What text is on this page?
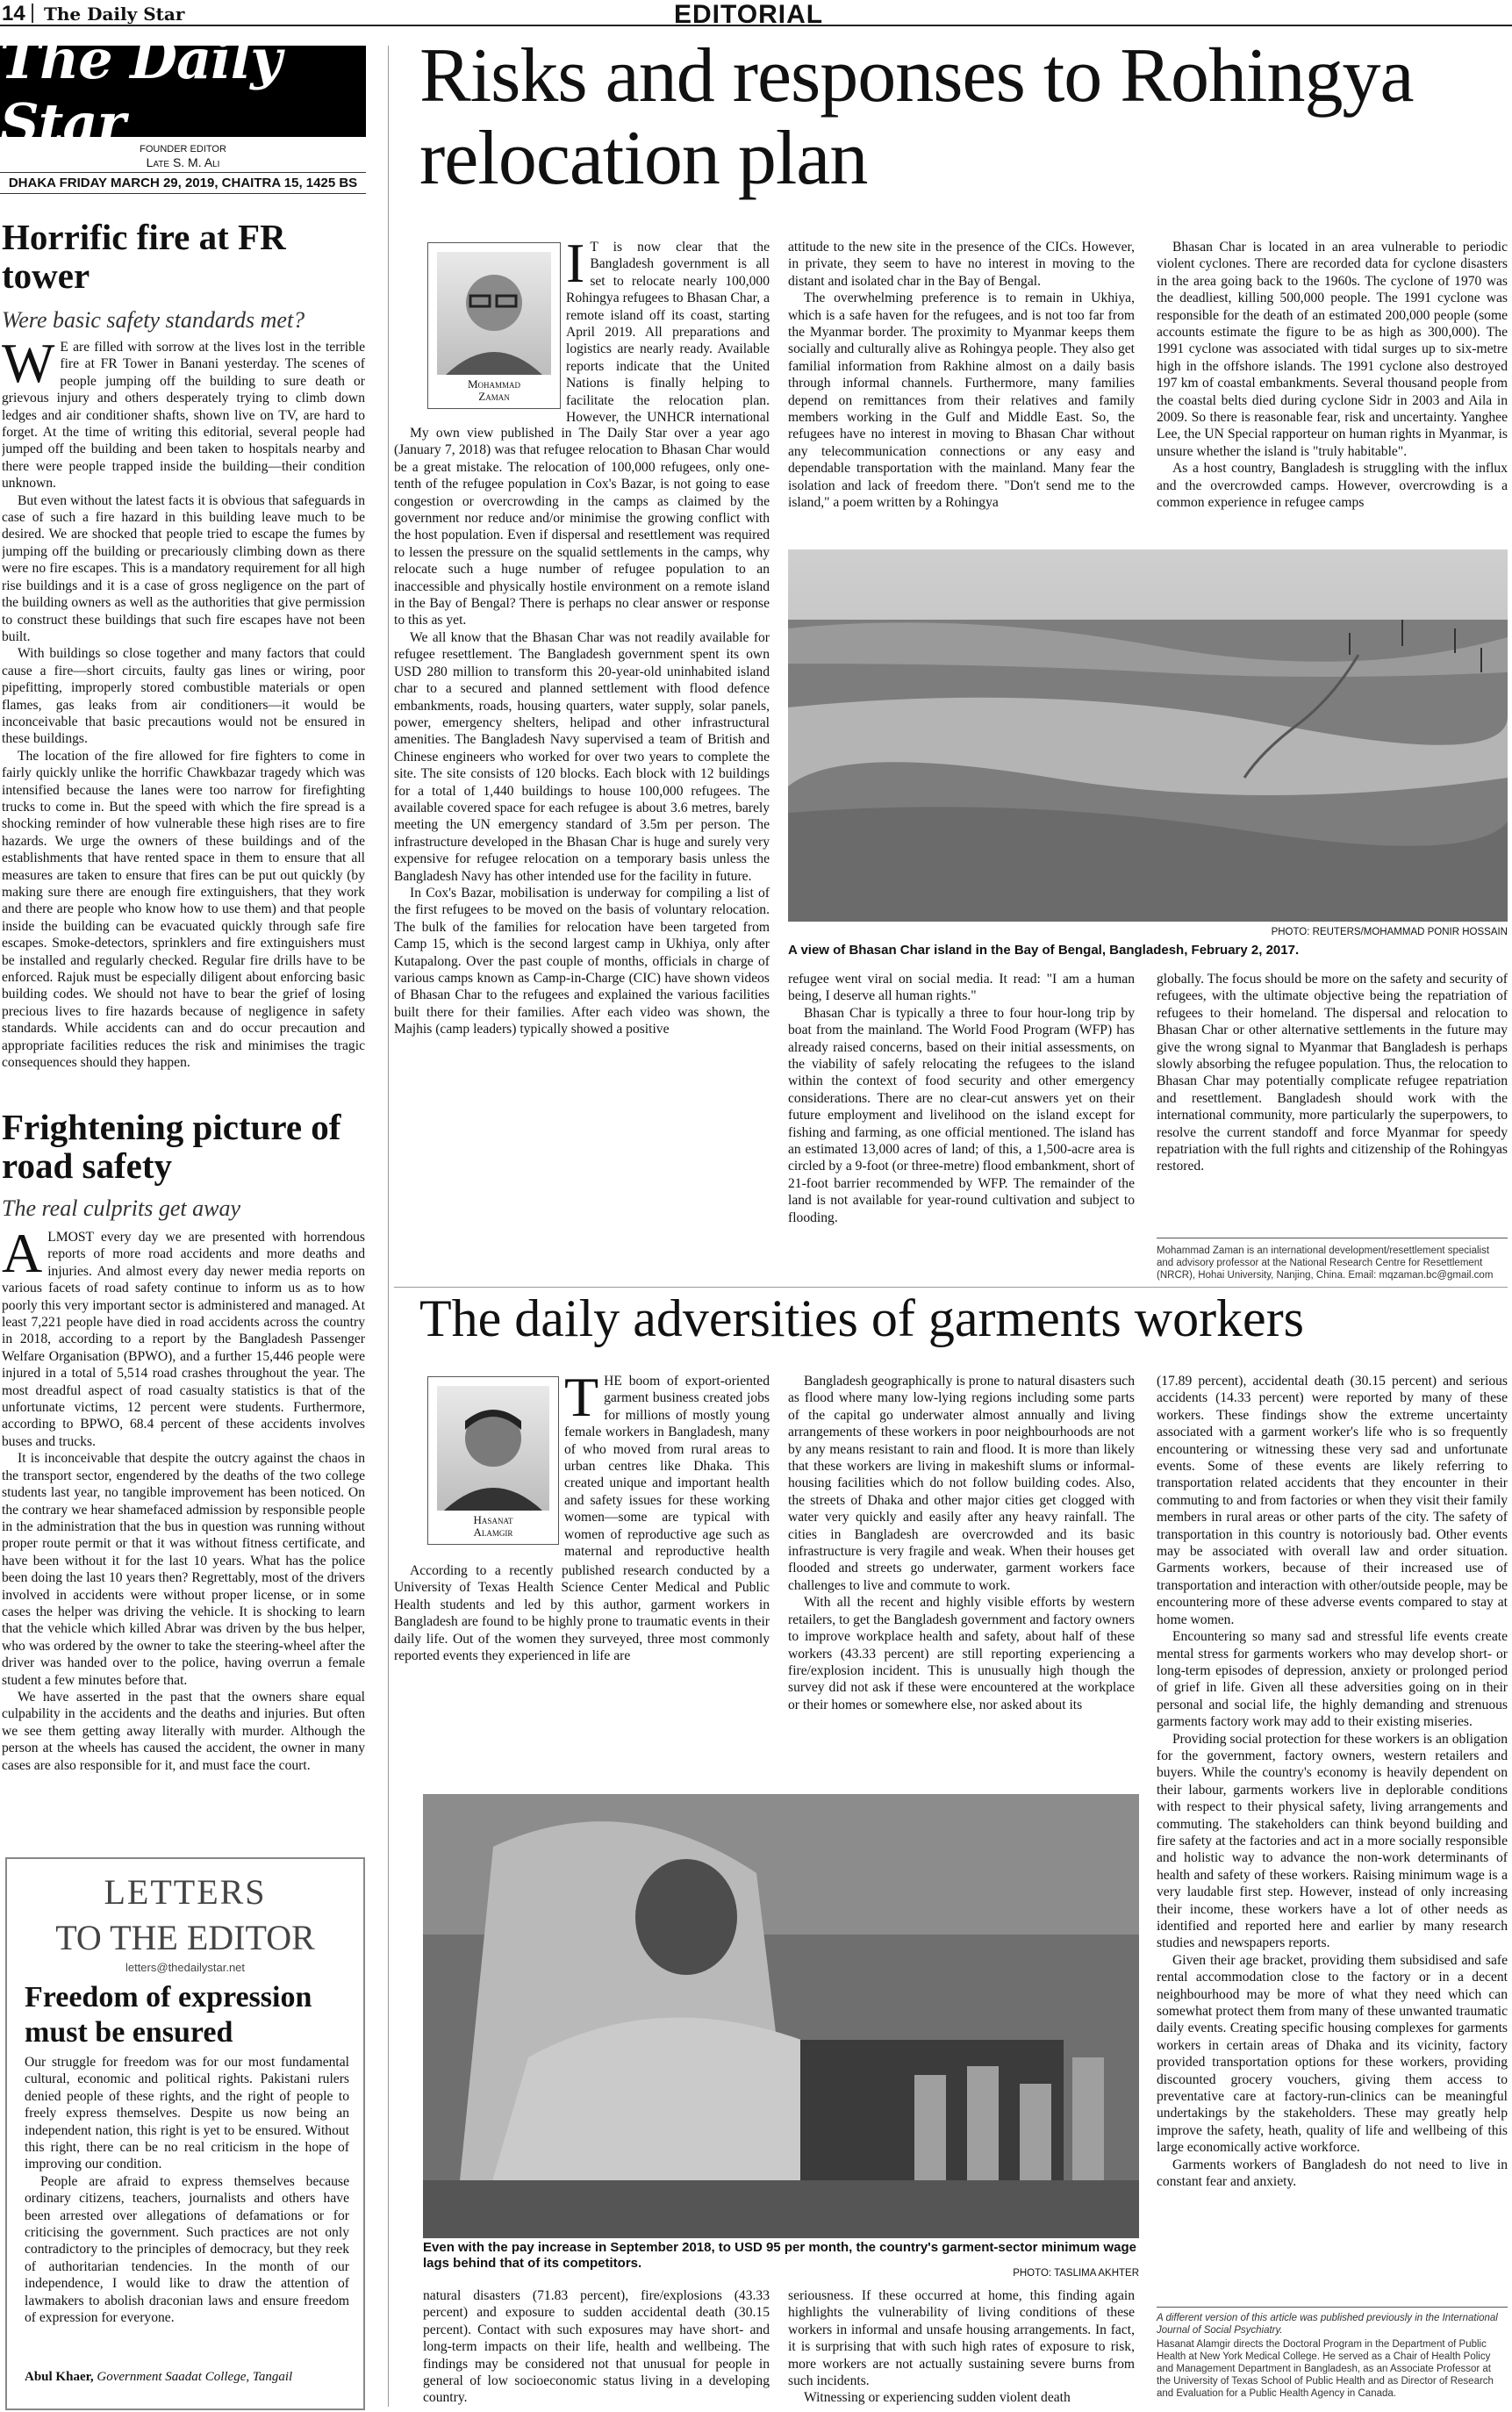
14 The Daily Star	EDITORIAL
The Daily Star	FOUNDER EDITOR
Late S. M. Ali
DHAKA FRIDAY MARCH 29, 2019, CHAITRA 15, 1425 BS
Horrific fire at FR tower
Were basic safety standards met?
W E are filled with sorrow at the lives lost in the terrible fire at FR Tower in Banani yesterday. The scenes of people jumping off the building to sure death or grievous injury and others desperately trying to climb down ledges and air conditioner shafts, shown live on TV, are hard to forget. At the time of writing this editorial, several people had jumped off the building and been taken to hospitals nearby and there were people trapped inside the building—their condition unknown.

But even without the latest facts it is obvious that safeguards in case of such a fire hazard in this building leave much to be desired. We are shocked that people tried to escape the fumes by jumping off the building or precariously climbing down as there were no fire escapes. This is a mandatory requirement for all high rise buildings and it is a case of gross negligence on the part of the building owners as well as the authorities that give permission to construct these buildings that such fire escapes have not been built.

With buildings so close together and many factors that could cause a fire—short circuits, faulty gas lines or wiring, poor pipefitting, improperly stored combustible materials or open flames, gas leaks from air conditioners—it would be inconceivable that basic precautions would not be ensured in these buildings.

The location of the fire allowed for fire fighters to come in fairly quickly unlike the horrific Chawkbazar tragedy which was intensified because the lanes were too narrow for firefighting trucks to come in. But the speed with which the fire spread is a shocking reminder of how vulnerable these high rises are to fire hazards. We urge the owners of these buildings and of the establishments that have rented space in them to ensure that all measures are taken to ensure that fires can be put out quickly (by making sure there are enough fire extinguishers, that they work and there are people who know how to use them) and that people inside the building can be evacuated quickly through safe fire escapes. Smoke-detectors, sprinklers and fire extinguishers must be installed and regularly checked. Regular fire drills have to be enforced. Rajuk must be especially diligent about enforcing basic building codes. We should not have to bear the grief of losing precious lives to fire hazards because of negligence in safety standards. While accidents can and do occur precaution and appropriate facilities reduces the risk and minimises the tragic consequences should they happen.

Frightening picture of road safety
The real culprits get away
A LMOST every day we are presented with horrendous reports of more road accidents and more deaths and injuries. And almost every day newer media reports on various facets of road safety continue to inform us as to how poorly this very important sector is administered and managed. At least 7,221 people have died in road accidents across the country in 2018, according to a report by the Bangladesh Passenger Welfare Organisation (BPWO), and a further 15,446 people were injured in a total of 5,514 road crashes throughout the year. The most dreadful aspect of road casualty statistics is that of the unfortunate victims, 12 percent were students. Furthermore, according to BPWO, 68.4 percent of these accidents involves buses and trucks.

It is inconceivable that despite the outcry against the chaos in the transport sector, engendered by the deaths of the two college students last year, no tangible improvement has been noticed. On the contrary we hear shamefaced admission by responsible people in the administration that the bus in question was running without proper route permit or that it was without fitness certificate, and have been without it for the last 10 years. What has the police been doing the last 10 years then? Regrettably, most of the drivers involved in accidents were without proper license, or in some cases the helper was driving the vehicle. It is shocking to learn that the vehicle which killed Abrar was driven by the bus helper, who was ordered by the owner to take the steering-wheel after the driver was handed over to the police, having overrun a female student a few minutes before that.

We have asserted in the past that the owners share equal culpability in the accidents and the deaths and injuries. But often we see them getting away literally with murder. Although the person at the wheels has caused the accident, the owner in many cases are also responsible for it, and must face the court.

LETTERS
TO THE EDITOR
letters@thedailystar.net
Freedom of expression must be ensured

Our struggle for freedom was for our most fundamental cultural, economic and political rights. Pakistani rulers denied people of these rights, and the right of people to freely express themselves. Despite us now being an independent nation, this right is yet to be ensured. Without this right, there can be no real criticism in the hope of improving our condition.

People are afraid to express themselves because ordinary citizens, teachers, journalists and others have been arrested over allegations of defamations or for criticising the government. Such practices are not only contradictory to the principles of democracy, but they reek of authoritarian tendencies. In the month of our independence, I would like to draw the attention of lawmakers to abolish draconian laws and ensure freedom of expression for everyone.

Abul Khaer, Government Saadat College, Tangail
Risks and responses to Rohingya relocation plan
Mohammad
Zaman
I T is now clear that the Bangladesh government is all set to relocate nearly 100,000 Rohingya refugees to Bhasan Char, a remote island off its coast, starting April 2019. All preparations and logistics are nearly ready. Available reports indicate that the United Nations is finally helping to facilitate the relocation plan. However, the UNHCR international

My own view published in The Daily Star over a year ago (January 7, 2018) was that refugee relocation to Bhasan Char would be a great mistake. The relocation of 100,000 refugees, only one-tenth of the refugee population in Cox's Bazar, is not going to ease congestion or overcrowding in the camps as claimed by the government nor reduce and/or minimise the growing conflict with the host population. Even if dispersal and resettlement was required to lessen the pressure on the squalid settlements in the camps, why relocate such a huge number of refugee population to an inaccessible and physically hostile environment on a remote island in the Bay of Bengal? There is perhaps no clear answer or response to this as yet.

We all know that the Bhasan Char was not readily available for refugee resettlement. The Bangladesh government spent its own USD 280 million to transform this 20-year-old uninhabited island char to a secured and planned settlement with flood defence embankments, roads, housing quarters, water supply, solar panels, power, emergency shelters, helipad and other infrastructural amenities. The Bangladesh Navy supervised a team of British and Chinese engineers who worked for over two years to complete the site. The site consists of 120 blocks. Each block with 12 buildings for a total of 1,440 buildings to house 100,000 refugees. The available covered space for each refugee is about 3.6 metres, barely meeting the UN emergency standard of 3.5m per person. The infrastructure developed in the Bhasan Char is huge and surely very expensive for refugee relocation on a temporary basis unless the Bangladesh Navy has other intended use for the facility in future.

In Cox's Bazar, mobilisation is underway for compiling a list of the first refugees to be moved on the basis of voluntary relocation. The bulk of the families for relocation have been targeted from Camp 15, which is the second largest camp in Ukhiya, only after Kutapalong. Over the past couple of months, officials in charge of various camps known as Camp-in-Charge (CIC) have shown videos of Bhasan Char to the refugees and explained the various facilities built there for their families. After each video was shown, the Majhis (camp leaders) typically showed a positive

attitude to the new site in the presence of the CICs. However, in private, they seem to have no interest in moving to the distant and isolated char in the Bay of Bengal.

The overwhelming preference is to remain in Ukhiya, which is a safe haven for the refugees, and is not too far from the Myanmar border. The proximity to Myanmar keeps them socially and culturally alive as Rohingya people. They also get familial information from Rakhine almost on a daily basis through informal channels. Furthermore, many families depend on remittances from their relatives and family members working in the Gulf and Middle East. So, the refugees have no interest in moving to Bhasan Char without any telecommunication connections or any easy and dependable transportation with the mainland. Many fear the isolation and lack of freedom there. "Don't send me to the island," a poem written by a Rohingya

Bhasan Char is located in an area vulnerable to periodic violent cyclones. There are recorded data for cyclone disasters in the area going back to the 1960s. The cyclone of 1970 was the deadliest, killing 500,000 people. The 1991 cyclone was responsible for the death of an estimated 200,000 people (some accounts estimate the figure to be as high as 300,000). The 1991 cyclone was associated with tidal surges up to six-metre high in the offshore islands. The 1991 cyclone also destroyed 197 km of coastal embankments. Several thousand people from the coastal belts died during cyclone Sidr in 2003 and Aila in 2009. So there is reasonable fear, risk and uncertainty. Yanghee Lee, the UN Special rapporteur on human rights in Myanmar, is unsure whether the island is "truly habitable".

As a host country, Bangladesh is struggling with the influx and the overcrowded camps. However, overcrowding is a common experience in refugee camps

PHOTO: REUTERS/MOHAMMAD PONIR HOSSAIN
A view of Bhasan Char island in the Bay of Bengal, Bangladesh, February 2, 2017.

refugee went viral on social media. It read: "I am a human being, I deserve all human rights."

Bhasan Char is typically a three to four hour-long trip by boat from the mainland. The World Food Program (WFP) has already raised concerns, based on their initial assessments, on the viability of safely relocating the refugees to the island within the context of food security and other emergency considerations. There are no clear-cut answers yet on their future employment and livelihood on the island except for fishing and farming, as one official mentioned. The island has an estimated 13,000 acres of land; of this, a 1,500-acre area is circled by a 9-foot (or three-metre) flood embankment, short of 21-foot barrier recommended by WFP. The remainder of the land is not available for year-round cultivation and subject to flooding.

globally. The focus should be more on the safety and security of refugees, with the ultimate objective being the repatriation of refugees to their homeland. The dispersal and relocation to Bhasan Char or other alternative settlements in the future may give the wrong signal to Myanmar that Bangladesh is perhaps slowly absorbing the refugee population. Thus, the relocation to Bhasan Char may potentially complicate refugee repatriation and resettlement. Bangladesh should work with the international community, more particularly the superpowers, to resolve the current standoff and force Myanmar for speedy repatriation with the full rights and citizenship of the Rohingyas restored.

Mohammad Zaman is an international development/resettlement specialist and advisory professor at the National Research Centre for Resettlement (NRCR), Hohai University, Nanjing, China. Email: mqzaman.bc@gmail.com
The daily adversities of garments workers
Hasanat
Alamgir
T HE boom of export-oriented garment business created jobs for millions of mostly young female workers in Bangladesh, many of who moved from rural areas to urban centres like Dhaka. This created unique and important health and safety issues for these working women—some are typical with women of reproductive age such as maternal and reproductive health

According to a recently published research conducted by a University of Texas Health Science Center Medical and Public Health students and led by this author, garment workers in Bangladesh are found to be highly prone to traumatic events in their daily life. Out of the women they surveyed, three most commonly reported events they experienced in life are

Bangladesh geographically is prone to natural disasters such as flood where many low-lying regions including some parts of the capital go underwater almost annually and living arrangements of these workers in poor neighbourhoods are not by any means resistant to rain and flood. It is more than likely that these workers are living in makeshift slums or informal-housing facilities which do not follow building codes. Also, the streets of Dhaka and other major cities get clogged with water very quickly and easily after any heavy rainfall. The cities in Bangladesh are overcrowded and its basic infrastructure is very fragile and weak. When their houses get flooded and streets go underwater, garment workers face challenges to live and commute to work.

With all the recent and highly visible efforts by western retailers, to get the Bangladesh government and factory owners to improve workplace health and safety, about half of these workers (43.33 percent) are still reporting experiencing a fire/explosion incident. This is unusually high though the survey did not ask if these were encountered at the workplace or their homes or somewhere else, nor asked about its

(17.89 percent), accidental death (30.15 percent) and serious accidents (14.33 percent) were reported by many of these workers. These findings show the extreme uncertainty associated with a garment worker's life who is so frequently encountering or witnessing these very sad and unfortunate events. Some of these events are likely referring to transportation related accidents that they encounter in their commuting to and from factories or when they visit their family members in rural areas or other parts of the city. The safety of transportation in this country is notoriously bad. Other events may be associated with overall law and order situation. Garments workers, because of their increased use of transportation and interaction with other/outside people, may be encountering more of these adverse events compared to stay at home women.

Encountering so many sad and stressful life events create mental stress for garments workers who may develop short- or long-term episodes of depression, anxiety or prolonged period of grief in life. Given all these adversities going on in their personal and social life, the highly demanding and strenuous garments factory work may add to their existing miseries.

Providing social protection for these workers is an obligation for the government, factory owners, western retailers and buyers. While the country's economy is heavily dependent on their labour, garments workers live in deplorable conditions with respect to their physical safety, living arrangements and commuting. The stakeholders can think beyond building and fire safety at the factories and act in a more socially responsible and holistic way to advance the non-work determinants of health and safety of these workers. Raising minimum wage is a very laudable first step. However, instead of only increasing their income, these workers have a lot of other needs as identified and reported here and earlier by many research studies and newspapers reports.

Given their age bracket, providing them subsidised and safe rental accommodation close to the factory or in a decent neighbourhood may be more of what they need which can somewhat protect them from many of these unwanted traumatic daily events. Creating specific housing complexes for garments workers in certain areas of Dhaka and its vicinity, factory provided transportation options for these workers, providing discounted grocery vouchers, giving them access to preventative care at factory-run-clinics can be meaningful undertakings by the stakeholders. These may greatly help improve the safety, heath, quality of life and wellbeing of this large economically active workforce.

Garments workers of Bangladesh do not need to live in constant fear and anxiety.

Even with the pay increase in September 2018, to USD 95 per month, the country's garment-sector minimum wage lags behind that of its competitors.
PHOTO: TASLIMA AKHTER

natural disasters (71.83 percent), fire/explosions (43.33 percent) and exposure to sudden accidental death (30.15 percent). Contact with such exposures may have short- and long-term impacts on their life, health and wellbeing. The findings may be considered not that unusual for people in general of low socioeconomic status living in a developing country.

seriousness. If these occurred at home, this finding again highlights the vulnerability of living conditions of these workers in informal and unsafe housing arrangements. In fact, it is surprising that with such high rates of exposure to risk, more workers are not actually sustaining severe burns from such incidents.

Witnessing or experiencing sudden violent death

A different version of this article was published previously in the International Journal of Social Psychiatry.
Hasanat Alamgir directs the Doctoral Program in the Department of Public Health at New York Medical College. He served as a Chair of Health Policy and Management Department in Bangladesh, as an Associate Professor at the University of Texas School of Public Health and as Director of Research and Evaluation for a Public Health Agency in Canada.
